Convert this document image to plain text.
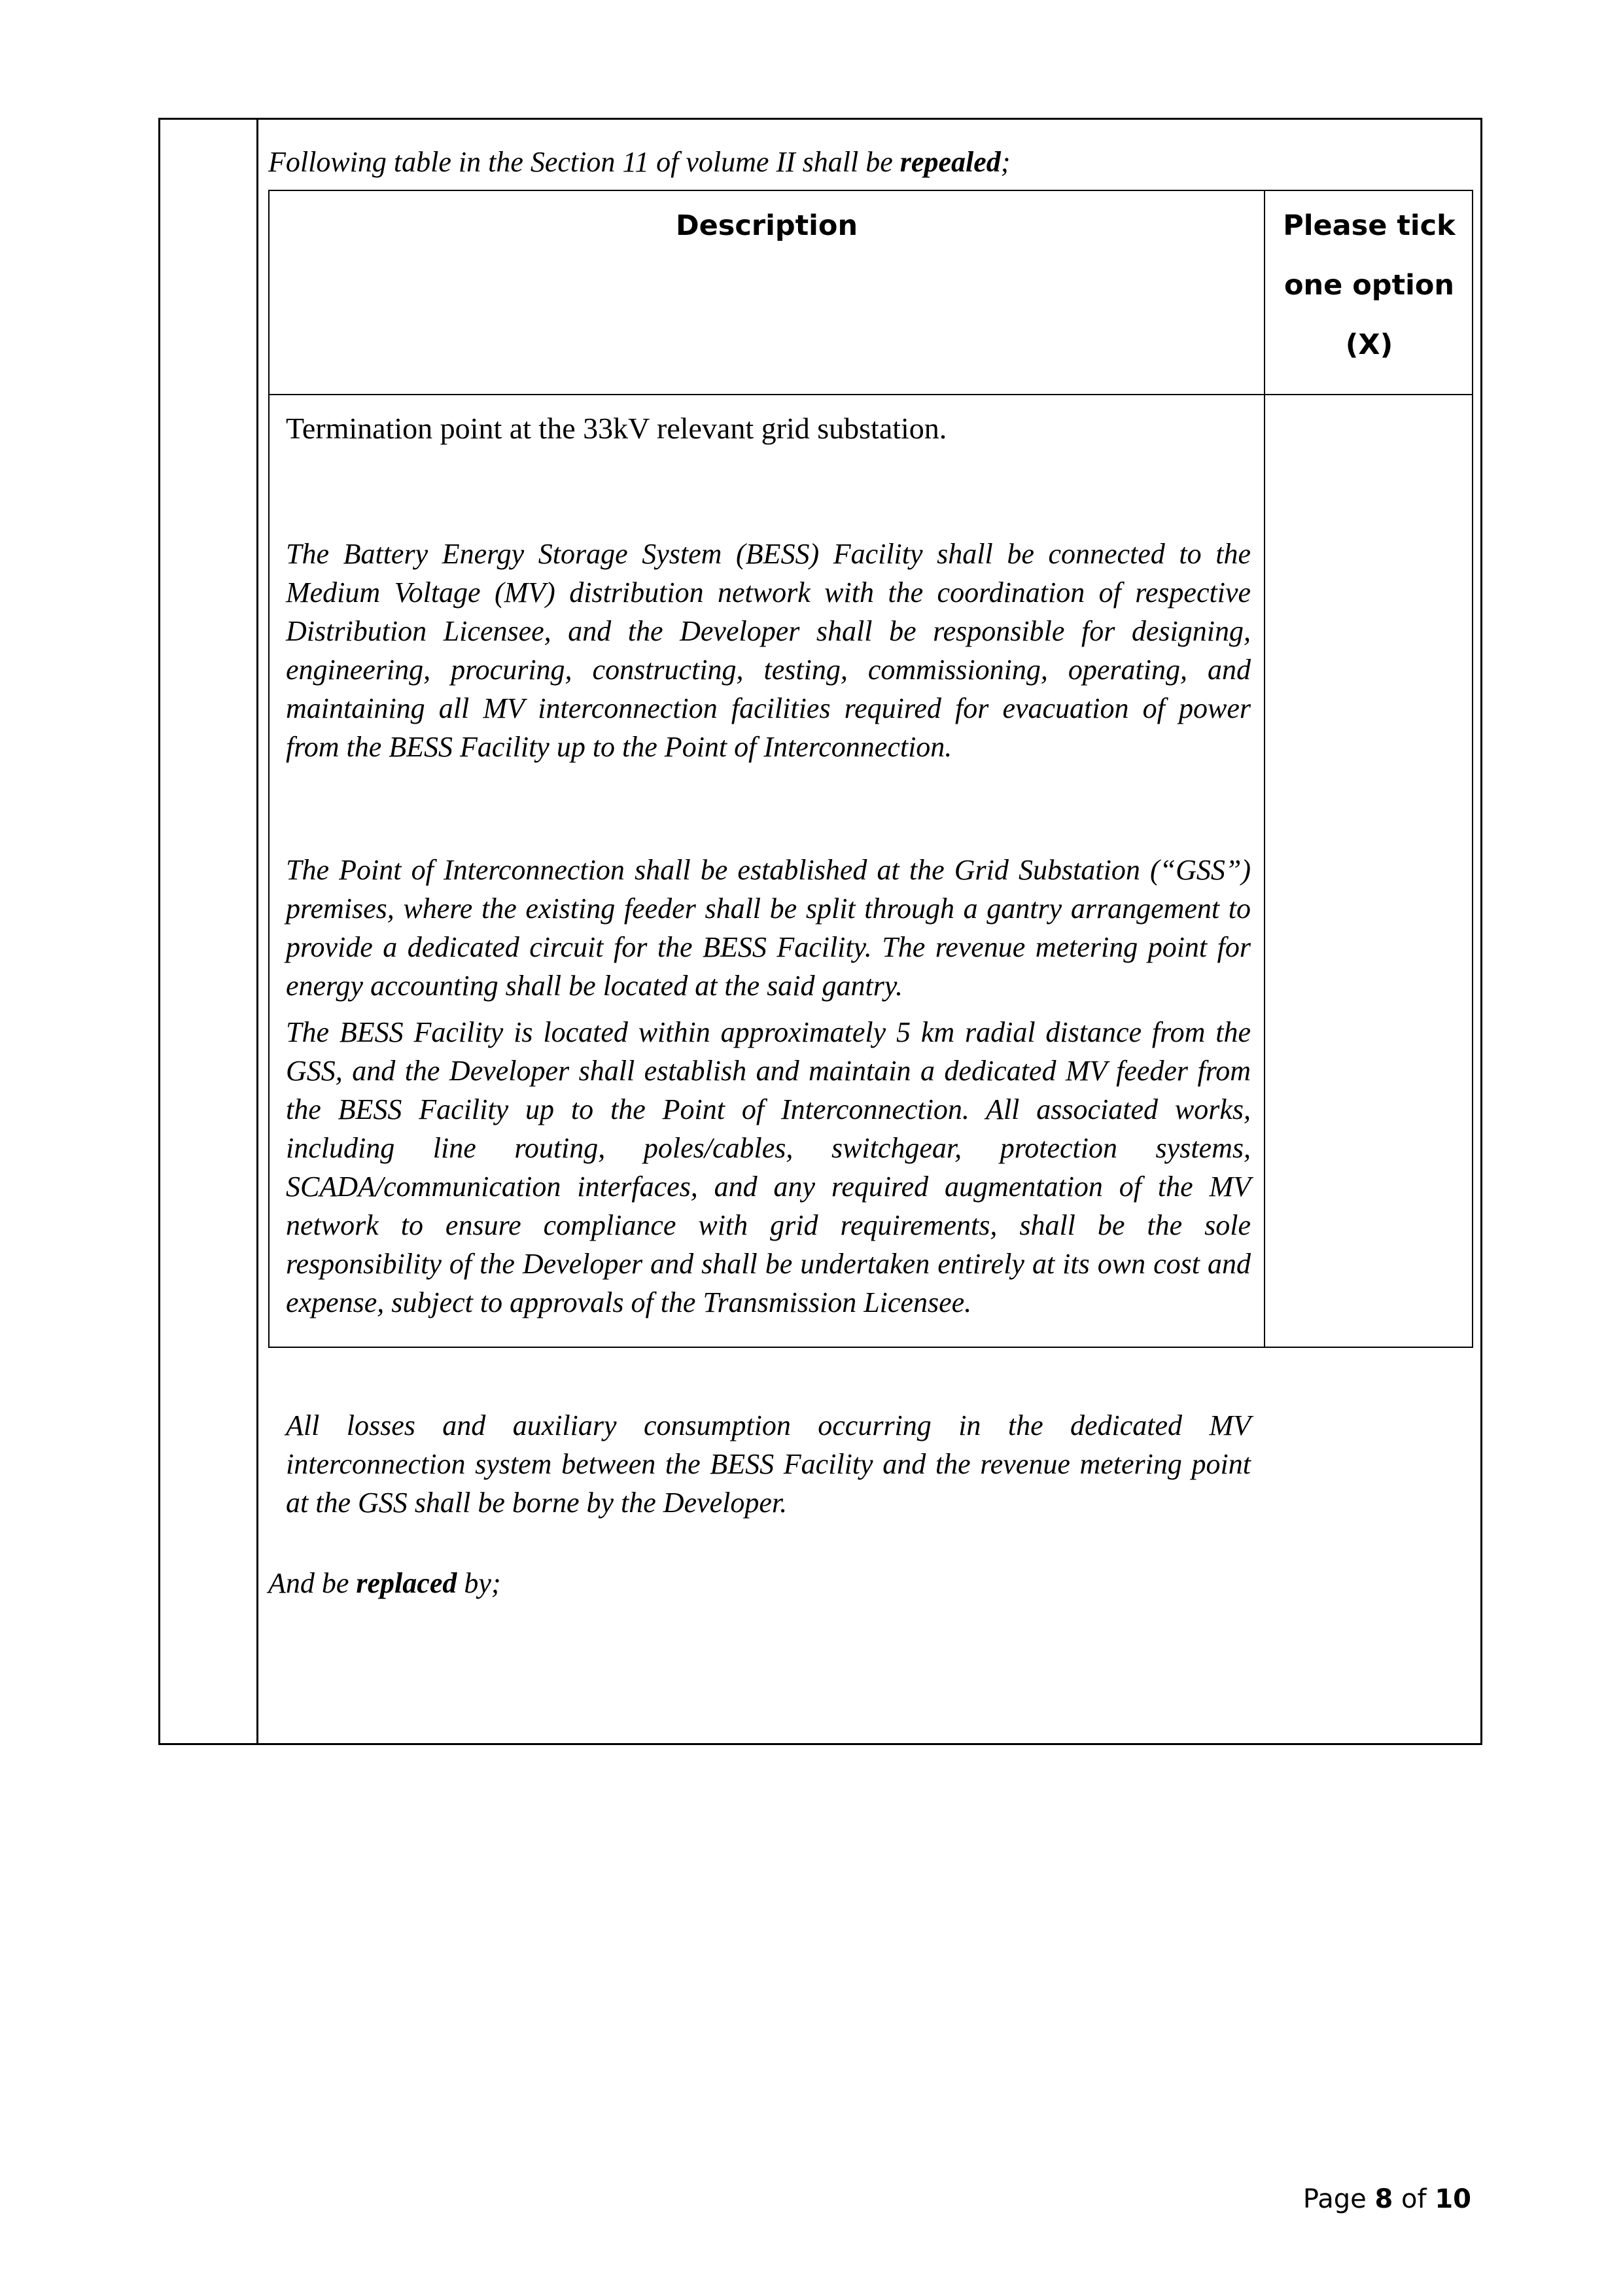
Following table in the Section 11 of volume II shall be repealed;
Description	Please tick
one option
(X)

Termination point at the 33kV relevant grid substation.

The Battery Energy Storage System (BESS) Facility shall be connected to the Medium Voltage (MV) distribution network with the coordination of respective Distribution Licensee, and the Developer shall be responsible for designing, engineering, procuring, constructing, testing, commissioning, operating, and maintaining all MV interconnection facilities required for evacuation of power from the BESS Facility up to the Point of Interconnection.

The Point of Interconnection shall be established at the Grid Substation (“GSS”) premises, where the existing feeder shall be split through a gantry arrangement to provide a dedicated circuit for the BESS Facility. The revenue metering point for energy accounting shall be located at the said gantry.

The BESS Facility is located within approximately 5 km radial distance from the GSS, and the Developer shall establish and maintain a dedicated MV feeder from the BESS Facility up to the Point of Interconnection. All associated works, including line routing, poles/cables, switchgear, protection systems, SCADA/communication interfaces, and any required augmentation of the MV network to ensure compliance with grid requirements, shall be the sole responsibility of the Developer and shall be undertaken entirely at its own cost and expense, subject to approvals of the Transmission Licensee.

All losses and auxiliary consumption occurring in the dedicated MV interconnection system between the BESS Facility and the revenue metering point at the GSS shall be borne by the Developer.

And be replaced by;
Page 8 of 10
